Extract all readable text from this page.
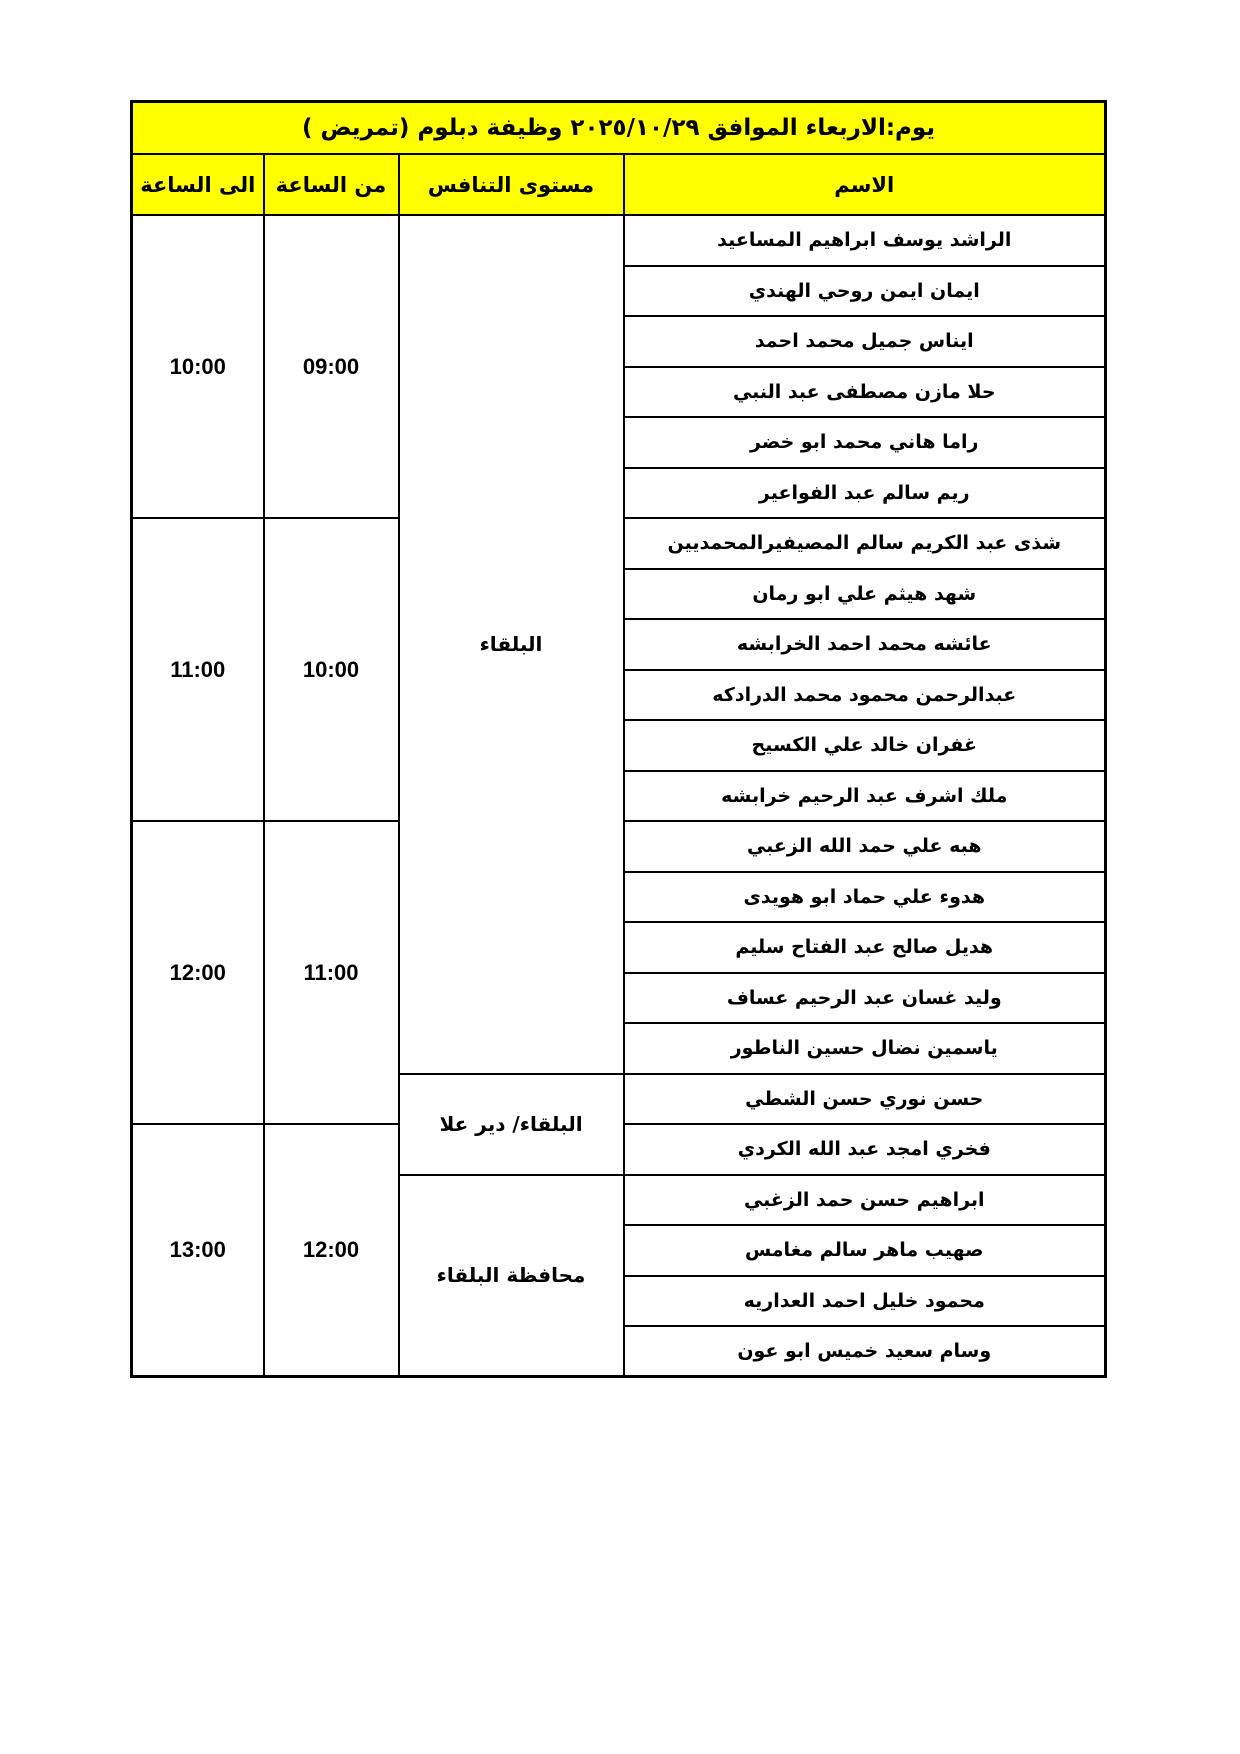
يوم:الاربعاء الموافق ٢٠٢٥/١٠/٢٩ وظيفة دبلوم (تمريض )			
الاسم	مستوى التنافس	من الساعة	الى الساعة
الراشد يوسف ابراهيم المساعيد	البلقاء	09:00	10:00
ايمان ايمن روحي الهندي			
ايناس جميل محمد احمد			
حلا مازن مصطفى عبد النبي			
راما هاني محمد ابو خضر			
ريم سالم عبد الفواعير			
شذى عبد الكريم سالم المصيفيرالمحمديين		10:00	11:00
شهد هيثم علي ابو رمان			
عائشه محمد احمد الخرابشه			
عبدالرحمن محمود محمد الدرادكه			
غفران خالد علي الكسيح			
ملك اشرف عبد الرحيم خرابشه			
هبه علي حمد الله الزعبي		11:00	12:00
هدوء علي حماد ابو هويدى			
هديل صالح عبد الفتاح سليم			
وليد غسان عبد الرحيم عساف			
ياسمين نضال حسين الناطور			
حسن نوري حسن الشطي	البلقاء/ دير علا		
فخري امجد عبد الله الكردي		12:00	13:00
ابراهيم حسن حمد الزغبي	محافظة البلقاء		
صهيب ماهر سالم مغامس			
محمود خليل احمد العداريه			
وسام سعيد خميس ابو عون			
